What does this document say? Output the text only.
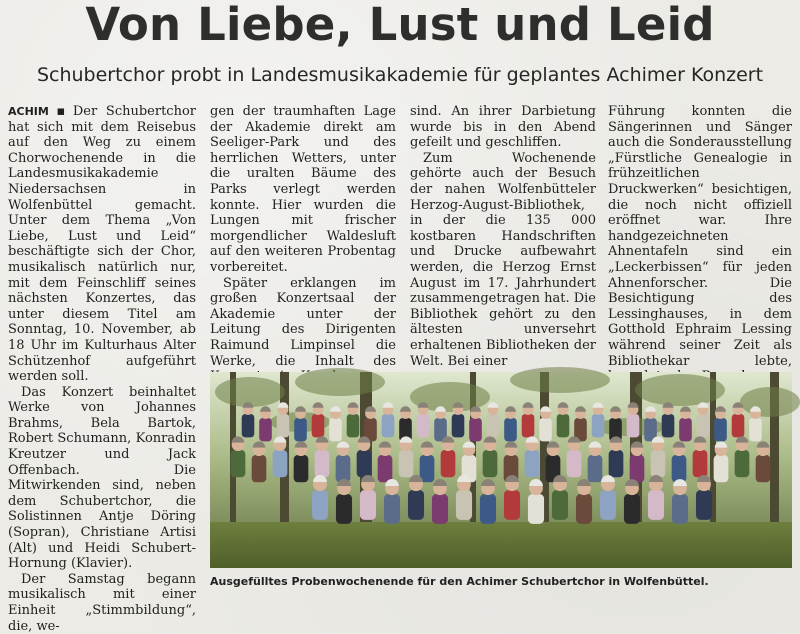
Von Liebe, Lust und Leid
Schubertchor probt in Landesmusikakademie für geplantes Achimer Konzert

ACHIM ▪ Der Schubertchor hat sich mit dem Reisebus auf den Weg zu einem Chorwochenende in die Landesmusikakademie Niedersachsen in Wolfenbüttel gemacht. Unter dem Thema „Von Liebe, Lust und Leid“ beschäftigte sich der Chor, musikalisch natürlich nur, mit dem Feinschliff seines nächsten Konzertes, das unter diesem Titel am Sonntag, 10. November, ab 18 Uhr im Kulturhaus Alter Schützenhof aufgeführt werden soll.

Das Konzert beinhaltet Werke von Johannes Brahms, Bela Bartok, Robert Schumann, Konradin Kreutzer und Jack Offenbach. Die Mitwirkenden sind, neben dem Schubertchor, die Solistinnen Antje Döring (Sopran), Christiane Artisi (Alt) und Heidi Schubert-Hornung (Klavier).

Der Samstag begann musikalisch mit einer Einheit „Stimmbildung“, die, we-

gen der traumhaften Lage der Akademie direkt am Seeliger-Park und des herrlichen Wetters, unter die uralten Bäume des Parks verlegt werden konnte. Hier wurden die Lungen mit frischer morgendlicher Waldesluft auf den weiteren Probentag vorbereitet.

Später erklangen im großen Konzertsaal der Akademie unter der Leitung des Dirigenten Raimund Limpinsel die Werke, die Inhalt des

sind. An ihrer Darbietung wurde bis in den Abend gefeilt und geschliffen.

Zum Wochenende gehörte auch der Besuch der nahen Wolfenbütteler Herzog-August-Bibliothek, in der die 135 000 kostbaren Handschriften und Drucke aufbewahrt werden, die Herzog Ernst August im 17. Jahrhundert zusammengetragen hat. Die Bibliothek gehört zu den ältesten unversehrt erhaltenen Bibliotheken der Welt. Bei einer

Führung konnten die Sängerinnen und Sänger auch die Sonderausstellung „Fürstliche Genealogie in frühzeitlichen Druckwerken“ besichtigen, die noch nicht offiziell eröffnet war. Ihre handgezeichneten Ahnentafeln sind ein „Leckerbissen“ für jeden Ahnenforscher. Die Besichtigung des Lessinghauses, in dem Gotthold Ephraim Lessing während seiner Zeit als Bibliothekar lebte,

Ausgefülltes Probenwochenende für den Achimer Schubertchor in Wolfenbüttel.
